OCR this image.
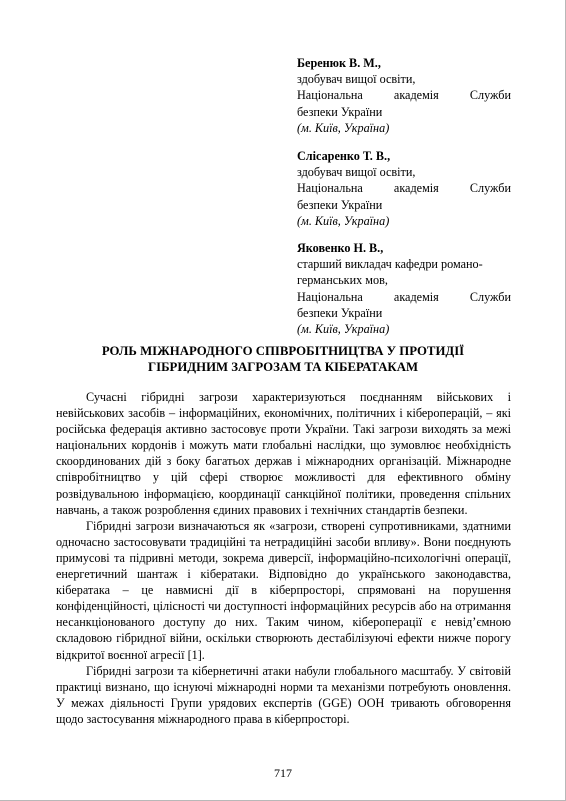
Беренюк В. М.,
здобувач вищої освіти,
Національна	академія	Служби
безпеки України
(м. Київ, Україна)
Слісаренко Т. В.,
здобувач вищої освіти,
Національна	академія	Служби
безпеки України
(м. Київ, Україна)
Яковенко Н. В.,
старший викладач кафедри романо-
германських мов,
Національна	академія	Служби
безпеки України
(м. Київ, Україна)
РОЛЬ МІЖНАРОДНОГО СПІВРОБІТНИЦТВА У ПРОТИДІЇ
ГІБРИДНИМ ЗАГРОЗАМ ТА КІБЕРАТАКАМ

Сучасні гібридні загрози характеризуються поєднанням військових і невійськових засобів – інформаційних, економічних, політичних і кібероперацій, – які російська федерація активно застосовує проти України. Такі загрози виходять за межі національних кордонів і можуть мати глобальні наслідки, що зумовлює необхідність скоординованих дій з боку багатьох держав і міжнародних організацій. Міжнародне співробітництво у цій сфері створює можливості для ефективного обміну розвідувальною інформацією, координації санкційної політики, проведення спільних навчань, а також розроблення єдиних правових і технічних стандартів безпеки.

Гібридні загрози визначаються як «загрози, створені супротивниками, здатними одночасно застосовувати традиційні та нетрадиційні засоби впливу». Вони поєднують примусові та підривні методи, зокрема диверсії, інформаційно-психологічні операції, енергетичний шантаж і кібератаки. Відповідно до українського законодавства, кібератака – це навмисні дії в кіберпросторі, спрямовані на порушення конфіденційності, цілісності чи доступності інформаційних ресурсів або на отримання несанкціонованого доступу до них. Таким чином, кібероперації є невід’ємною складовою гібридної війни, оскільки створюють дестабілізуючі ефекти нижче порогу відкритої воєнної агресії [1].

Гібридні загрози та кібернетичні атаки набули глобального масштабу. У світовій практиці визнано, що існуючі міжнародні норми та механізми потребують оновлення. У межах діяльності Групи урядових експертів (GGE) ООН тривають обговорення щодо застосування міжнародного права в кіберпросторі.

717
